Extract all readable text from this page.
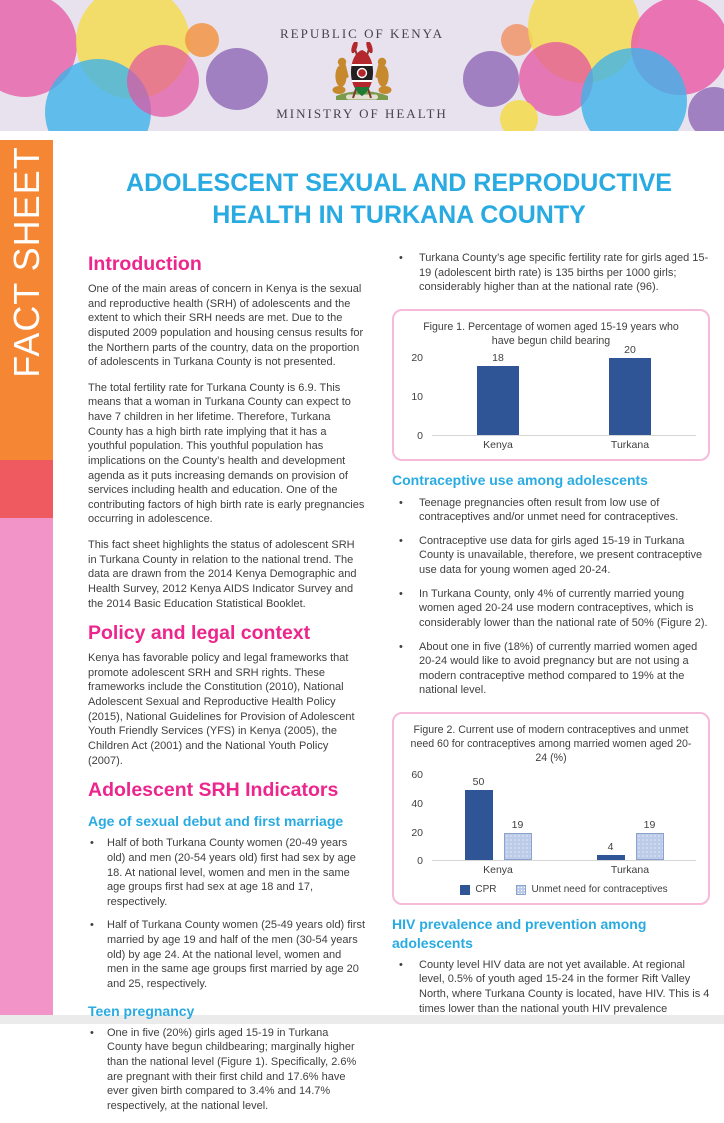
REPUBLIC OF KENYA
MINISTRY OF HEALTH
FACT SHEET	ADOLESCENT SEXUAL AND REPRODUCTIVE HEALTH IN TURKANA COUNTY
Introduction

One of the main areas of concern in Kenya is the sexual and reproductive health (SRH) of adolescents and the extent to which their SRH needs are met. Due to the disputed 2009 population and housing census results for the Northern parts of the country, data on the proportion of adolescents in Turkana County is not presented.

The total fertility rate for Turkana County is 6.9. This means that a woman in Turkana County can expect to have 7 children in her lifetime. Therefore, Turkana County has a high birth rate implying that it has a youthful population. This youthful population has implications on the County’s health and development agenda as it puts increasing demands on provision of services including health and education. One of the contributing factors of high birth rate is early pregnancies occurring in adolescence.

This fact sheet highlights the status of adolescent SRH in Turkana County in relation to the national trend. The data are drawn from the 2014 Kenya Demographic and Health Survey, 2012 Kenya AIDS Indicator Survey and the 2014 Basic Education Statistical Booklet.

Policy and legal context

Kenya has favorable policy and legal frameworks that promote adolescent SRH and SRH rights. These frameworks include the Constitution (2010), National Adolescent Sexual and Reproductive Health Policy (2015), National Guidelines for Provision of Adolescent Youth Friendly Services (YFS) in Kenya (2005), the Children Act (2001) and the National Youth Policy (2007).

Adolescent SRH Indicators
Age of sexual debut and first marriage
• Half of both Turkana County women (20-49 years old) and men (20-54 years old) first had sex by age 18. At national level, women and men in the same age groups first had sex at age 18 and 17, respectively.
• Half of Turkana County women (25-49 years old) first married by age 19 and half of the men (30-54 years old) by age 24. At the national level, women and men in the same age groups first married by age 20 and 25, respectively.
Teen pregnancy
• One in five (20%) girls aged 15-19 in Turkana County have begun childbearing; marginally higher than the national level (Figure 1). Specifically, 2.6% are pregnant with their first child and 17.6% have ever given birth compared to 3.4% and 14.7% respectively, at the national level.
• Turkana County’s age specific fertility rate for girls aged 15-19 (adolescent birth rate) is 135 births per 1000 girls; considerably higher than at the national rate (96).
Figure 1. Percentage of women aged 15-19 years who have begun child bearing
0
10
20	18
20
Kenya	Turkana
Contraceptive use among adolescents
• Teenage pregnancies often result from low use of contraceptives and/or unmet need for contraceptives.
• Contraceptive use data for girls aged 15-19 in Turkana County is unavailable, therefore, we present contraceptive use data for young women aged 20-24.
• In Turkana County, only 4% of currently married young women aged 20-24 use modern contraceptives, which is considerably lower than the national rate of 50% (Figure 2).
• About one in five (18%) of currently married women aged 20-24 would like to avoid pregnancy but are not using a modern contraceptive method compared to 19% at the national level.
Figure 2. Current use of modern contraceptives and unmet need 60 for contraceptives among married women aged 20-24 (%)
0
20
40
60
50
19
4
19
Kenya	Turkana
CPR	Unmet need for contraceptives
HIV prevalence and prevention among adolescents
• County level HIV data are not yet available. At regional level, 0.5% of youth aged 15-24 in the former Rift Valley North, where Turkana County is located, have HIV. This is 4 times lower than the national youth HIV prevalence
